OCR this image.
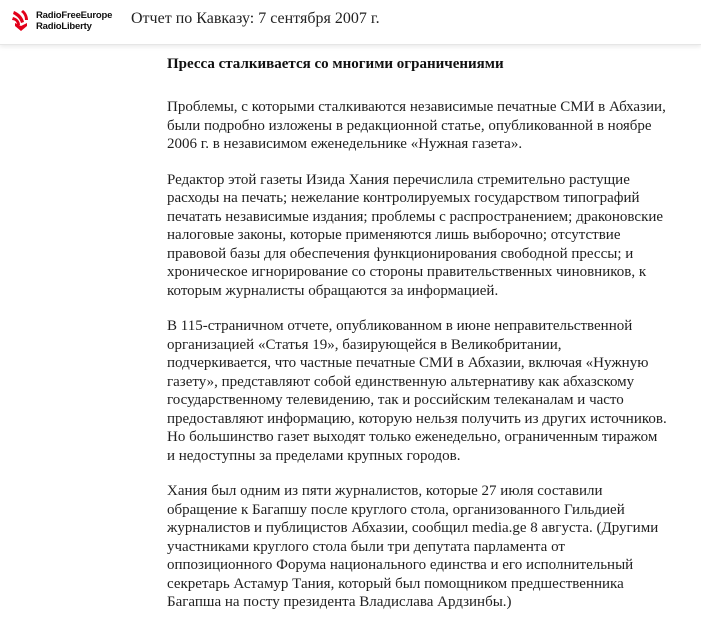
RadioFreeEurope
RadioLiberty	Отчет по Кавказу: 7 сентября 2007 г.
Пресса сталкивается со многими ограничениями

Проблемы, с которыми сталкиваются независимые печатные СМИ в Абхазии, были подробно изложены в редакционной статье, опубликованной в ноябре 2006 г. в независимом еженедельнике «Нужная газета».

Редактор этой газеты Изида Хания перечислила стремительно растущие расходы на печать; нежелание контролируемых государством типографий печатать независимые издания; проблемы с распространением; драконовские налоговые законы, которые применяются лишь выборочно; отсутствие правовой базы для обеспечения функционирования свободной прессы; и хроническое игнорирование со стороны правительственных чиновников, к которым журналисты обращаются за информацией.

В 115-страничном отчете, опубликованном в июне неправительственной организацией «Статья 19», базирующейся в Великобритании, подчеркивается, что частные печатные СМИ в Абхазии, включая «Нужную газету», представляют собой единственную альтернативу как абхазскому государственному телевидению, так и российским телеканалам и часто предоставляют информацию, которую нельзя получить из других источников. Но большинство газет выходят только еженедельно, ограниченным тиражом и недоступны за пределами крупных городов.

Хания был одним из пяти журналистов, которые 27 июля составили обращение к Багапшу после круглого стола, организованного Гильдией журналистов и публицистов Абхазии, сообщил media.ge 8 августа. (Другими участниками круглого стола были три депутата парламента от оппозиционного Форума национального единства и его исполнительный секретарь Астамур Тания, который был помощником предшественника Багапша на посту президента Владислава Ардзинбы.)
